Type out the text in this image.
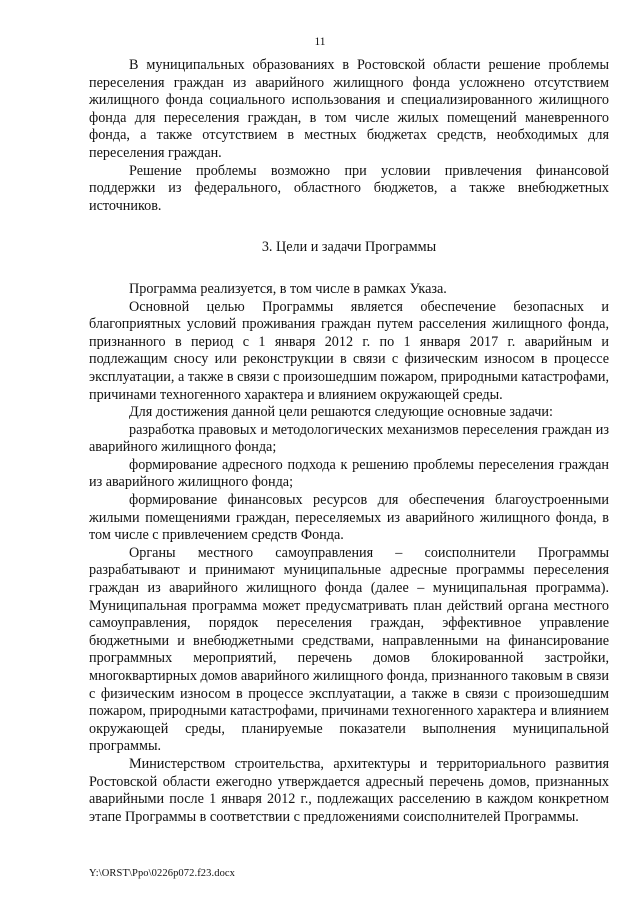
11

В муниципальных образованиях в Ростовской области решение проблемы переселения граждан из аварийного жилищного фонда усложнено отсутствием жилищного фонда социального использования и специализированного жилищного фонда для переселения граждан, в том числе жилых помещений маневренного фонда, а также отсутствием в местных бюджетах средств, необходимых для переселения граждан.

Решение проблемы возможно при условии привлечения финансовой поддержки из федерального, областного бюджетов, а также внебюджетных источников.

3. Цели и задачи Программы

Программа реализуется, в том числе в рамках Указа.

Основной целью Программы является обеспечение безопасных и благоприятных условий проживания граждан путем расселения жилищного фонда, признанного в период с 1 января 2012 г. по 1 января 2017 г. аварийным и подлежащим сносу или реконструкции в связи с физическим износом в процессе эксплуатации, а также в связи с произошедшим пожаром, природными катастрофами, причинами техногенного характера и влиянием окружающей среды.

Для достижения данной цели решаются следующие основные задачи:

разработка правовых и методологических механизмов переселения граждан из аварийного жилищного фонда;

формирование адресного подхода к решению проблемы переселения граждан из аварийного жилищного фонда;

формирование финансовых ресурсов для обеспечения благоустроенными жилыми помещениями граждан, переселяемых из аварийного жилищного фонда, в том числе с привлечением средств Фонда.

Органы местного самоуправления – соисполнители Программы разрабатывают и принимают муниципальные адресные программы переселения граждан из аварийного жилищного фонда (далее – муниципальная программа). Муниципальная программа может предусматривать план действий органа местного самоуправления, порядок переселения граждан, эффективное управление бюджетными и внебюджетными средствами, направленными на финансирование программных мероприятий, перечень домов блокированной застройки, многоквартирных домов аварийного жилищного фонда, признанного таковым в связи с физическим износом в процессе эксплуатации, а также в связи с произошедшим пожаром, природными катастрофами, причинами техногенного характера и влиянием окружающей среды, планируемые показатели выполнения муниципальной программы.

Министерством строительства, архитектуры и территориального развития Ростовской области ежегодно утверждается адресный перечень домов, признанных аварийными после 1 января 2012 г., подлежащих расселению в каждом конкретном этапе Программы в соответствии с предложениями соисполнителей Программы.

Y:\ORST\Ppo\0226p072.f23.docx
